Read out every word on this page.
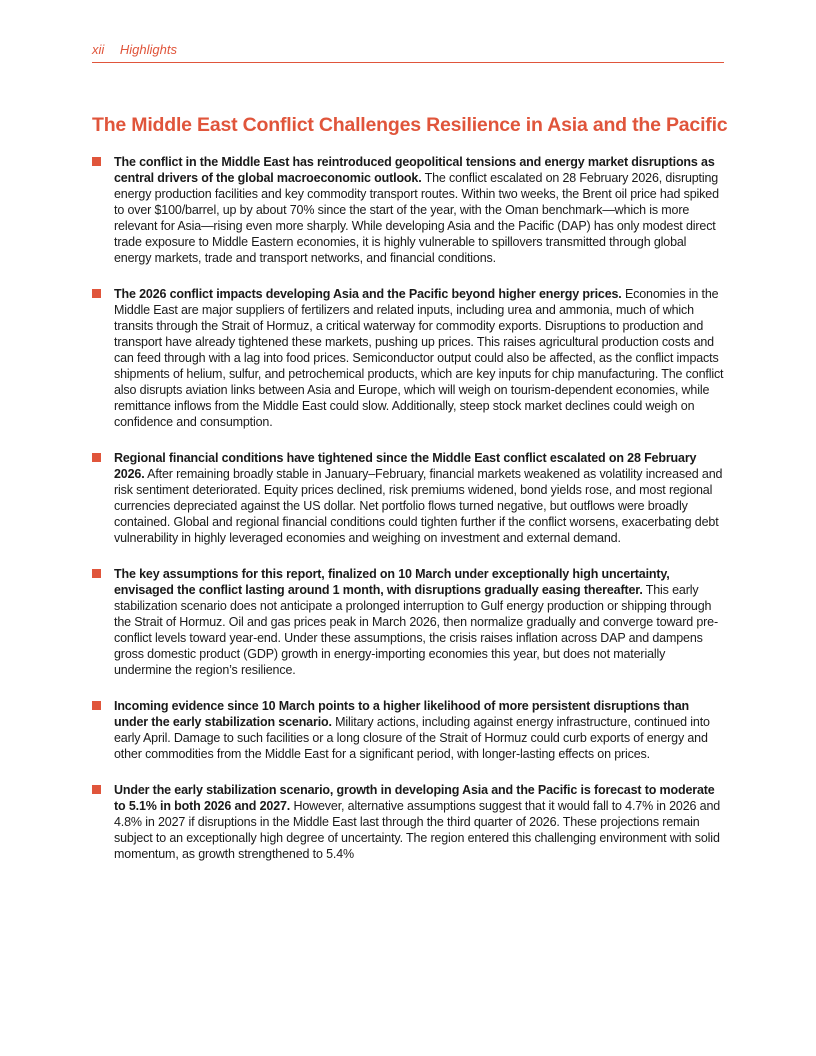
xii Highlights
The Middle East Conflict Challenges Resilience in Asia and the Pacific
The conflict in the Middle East has reintroduced geopolitical tensions and energy market disruptions as central drivers of the global macroeconomic outlook. The conflict escalated on 28 February 2026, disrupting energy production facilities and key commodity transport routes. Within two weeks, the Brent oil price had spiked to over $100/barrel, up by about 70% since the start of the year, with the Oman benchmark—which is more relevant for Asia—rising even more sharply. While developing Asia and the Pacific (DAP) has only modest direct trade exposure to Middle Eastern economies, it is highly vulnerable to spillovers transmitted through global energy markets, trade and transport networks, and financial conditions.
The 2026 conflict impacts developing Asia and the Pacific beyond higher energy prices. Economies in the Middle East are major suppliers of fertilizers and related inputs, including urea and ammonia, much of which transits through the Strait of Hormuz, a critical waterway for commodity exports. Disruptions to production and transport have already tightened these markets, pushing up prices. This raises agricultural production costs and can feed through with a lag into food prices. Semiconductor output could also be affected, as the conflict impacts shipments of helium, sulfur, and petrochemical products, which are key inputs for chip manufacturing. The conflict also disrupts aviation links between Asia and Europe, which will weigh on tourism-dependent economies, while remittance inflows from the Middle East could slow. Additionally, steep stock market declines could weigh on confidence and consumption.
Regional financial conditions have tightened since the Middle East conflict escalated on 28 February 2026. After remaining broadly stable in January–February, financial markets weakened as volatility increased and risk sentiment deteriorated. Equity prices declined, risk premiums widened, bond yields rose, and most regional currencies depreciated against the US dollar. Net portfolio flows turned negative, but outflows were broadly contained. Global and regional financial conditions could tighten further if the conflict worsens, exacerbating debt vulnerability in highly leveraged economies and weighing on investment and external demand.
The key assumptions for this report, finalized on 10 March under exceptionally high uncertainty, envisaged the conflict lasting around 1 month, with disruptions gradually easing thereafter. This early stabilization scenario does not anticipate a prolonged interruption to Gulf energy production or shipping through the Strait of Hormuz. Oil and gas prices peak in March 2026, then normalize gradually and converge toward pre-conflict levels toward year-end. Under these assumptions, the crisis raises inflation across DAP and dampens gross domestic product (GDP) growth in energy-importing economies this year, but does not materially undermine the region’s resilience.
Incoming evidence since 10 March points to a higher likelihood of more persistent disruptions than under the early stabilization scenario. Military actions, including against energy infrastructure, continued into early April. Damage to such facilities or a long closure of the Strait of Hormuz could curb exports of energy and other commodities from the Middle East for a significant period, with longer-lasting effects on prices.
Under the early stabilization scenario, growth in developing Asia and the Pacific is forecast to moderate to 5.1% in both 2026 and 2027. However, alternative assumptions suggest that it would fall to 4.7% in 2026 and 4.8% in 2027 if disruptions in the Middle East last through the third quarter of 2026. These projections remain subject to an exceptionally high degree of uncertainty. The region entered this challenging environment with solid momentum, as growth strengthened to 5.4%
